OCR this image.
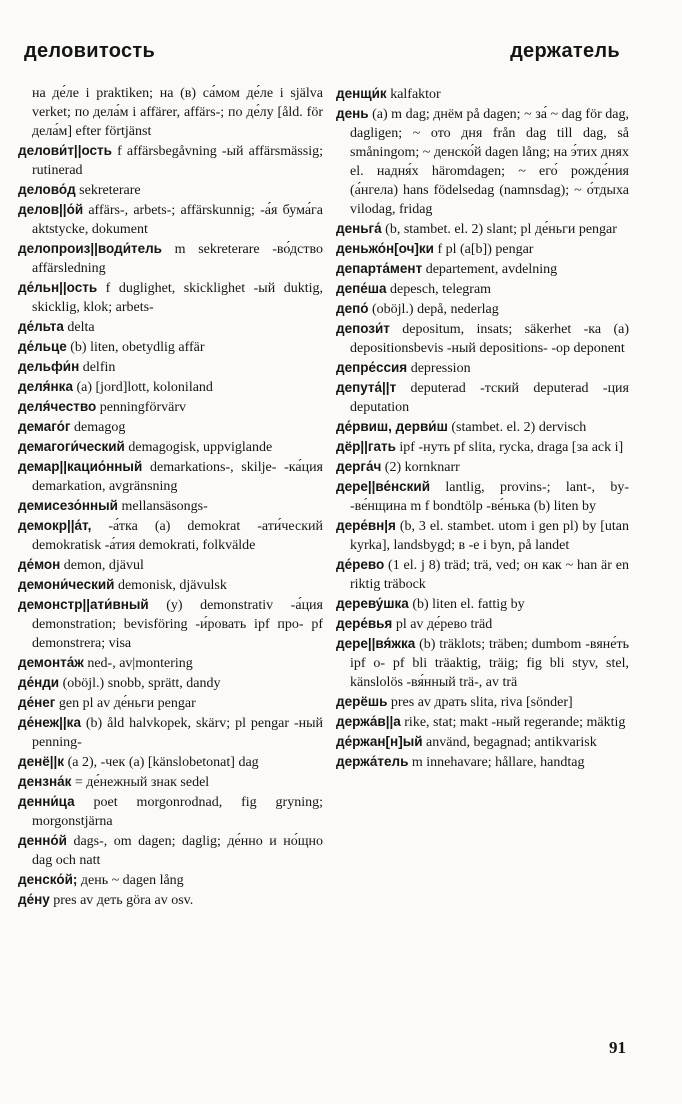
деловитость	держатель

на де́ле i praktiken; на (в) са́мом де́ле i själva verket; по дела́м i affärer, affärs-; по де́лу [åld. för дела́м] efter förtjänst

делови́т||ость f affärsbegåvning -ый affärsmässig; rutinerad

делово́д sekreterare

делов||о́й affärs-, arbets-; affärskunnig; -а́я бума́га aktstycke, dokument

делопроиз||води́тель m sekreterare -во́дство affärsledning

де́льн||ость f duglighet, skicklighet -ый duktig, skicklig, klok; arbets-

де́льта delta

де́льце (b) liten, obetydlig affär

дельфи́н delfin

деля́нка (a) [jord]lott, koloniland

деля́чество penningförvärv

демаго́г demagog

демагоги́ческий demagogisk, uppviglande

демар||кацио́нный demarkations-, skilje- -ка́ция demarkation, avgränsning

демисезо́нный mellansäsongs-

демокр||а́т, -а́тка (a) demokrat -ати́ческий demokratisk -а́тия demokrati, folkvälde

де́мон demon, djävul

демони́ческий demonisk, djävulsk

демонстр||ати́вный (y) demonstrativ -а́ция demonstration; bevisföring -и́ровать ipf про- pf demonstrera; visa

демонта́ж ned-, av|montering

де́нди (oböjl.) snobb, sprätt, dandy

де́нег gen pl av де́ньги pengar

де́неж||ка (b) åld halvkopek, skärv; pl pengar -ный penning-

денё||к (a 2), -чек (a) [känslobetonat] dag

дензна́к = де́нежный знак sedel

денни́ца poet morgonrodnad, fig gryning; morgonstjärna

денно́й dags-, om dagen; daglig; де́нно и но́щно dag och natt

денско́й; день ~ dagen lång

де́ну pres av деть göra av osv.

денщи́к kalfaktor

день (a) m dag; днём på dagen; ~ за́ ~ dag för dag, dagligen; ~ ото дня från dag till dag, så småningom; ~ денско́й dagen lång; на э́тих днях el. надня́х häromdagen; ~ его́ рожде́ния (а́нгела) hans födelsedag (namnsdag); ~ о́тдыха vilodag, fridag

деньга́ (b, stambet. el. 2) slant; pl де́ньги pengar

деньжо́н[оч]ки f pl (a[b]) pengar

департа́мент departement, avdelning

депе́ша depesch, telegram

депо́ (oböjl.) depå, nederlag

депози́т depositum, insats; säkerhet -ка (a) depositionsbevis -ный depositions- -ор deponent

депре́ссия depression

депута́||т deputerad -тский deputerad -ция deputation

де́рвиш, дерви́ш (stambet. el. 2) dervisch

дёр||гать ipf -нуть pf slita, rycka, draga [за ack i]

дерга́ч (2) kornknarr

дере||ве́нский lantlig, provins-; lant-, by- -ве́нщина m f bondtölp -ве́нька (b) liten by

дере́вн|я (b, 3 el. stambet. utom i gen pl) by [utan kyrka], landsbygd; в -е i byn, på landet

де́рево (1 el. j 8) träd; trä, ved; он как ~ han är en riktig träbock

дереву́шка (b) liten el. fattig by

дере́вья pl av де́рево träd

дере||вя́жка (b) träklots; träben; dumbom -вяне́ть ipf о- pf bli träaktig, träig; fig bli styv, stel, känslolös -вя́нный trä-, av trä

дерёшь pres av драть slita, riva [sönder]

держа́в||а rike, stat; makt -ный regerande; mäktig

де́ржан[н]ый använd, begagnad; antikvarisk

держа́тель m innehavare; hållare, handtag

91
